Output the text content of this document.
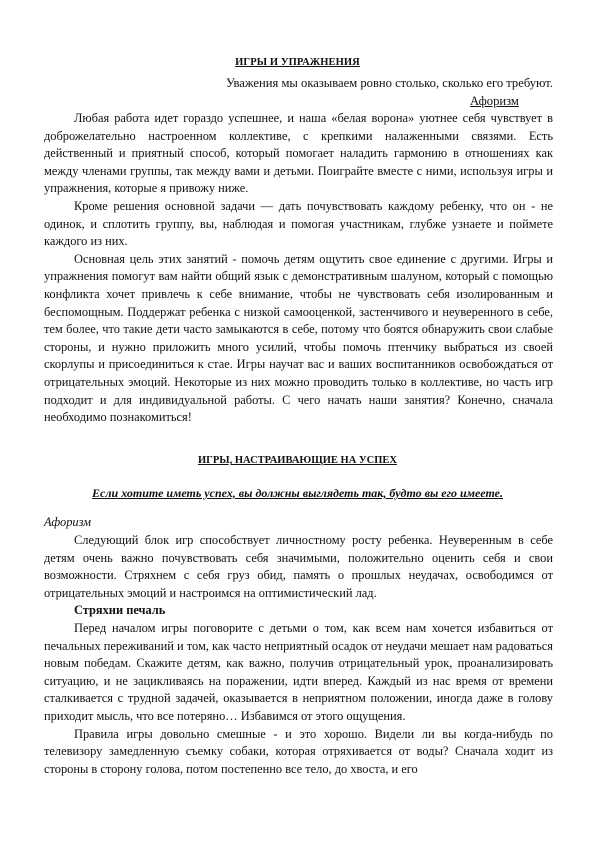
ИГРЫ И УПРАЖНЕНИЯ
Уважения мы оказываем ровно столько, сколько его требуют.
Афоризм

Любая работа идет гораздо успешнее, и наша «белая ворона» уютнее себя чувствует в доброжелательно настроенном коллективе, с крепкими налаженными связями. Есть действенный и приятный способ, который помогает наладить гармонию в отношениях как между членами группы, так между вами и детьми. Поиграйте вместе с ними, используя игры и упражнения, которые я привожу ниже.

Кроме решения основной задачи — дать почувствовать каждому ребенку, что он - не одинок, и сплотить группу, вы, наблюдая и помогая участникам, глубже узнаете и поймете каждого из них.

Основная цель этих занятий - помочь детям ощутить свое единение с другими. Игры и упражнения помогут вам найти общий язык с демонстративным шалуном, который с помощью конфликта хочет привлечь к себе внимание, чтобы не чувствовать себя изолированным и беспомощным. Поддержат ребенка с низкой самооценкой, застенчивого и неуверенного в себе, тем более, что такие дети часто замыкаются в себе, потому что боятся обнаружить свои слабые стороны, и нужно приложить много усилий, чтобы помочь птенчику выбраться из своей скорлупы и присоединиться к стае. Игры научат вас и ваших воспитанников освобождаться от отрицательных эмоций. Некоторые из них можно проводить только в коллективе, но часть игр подходит и для индивидуальной работы. С чего начать наши занятия? Конечно, сначала необходимо познакомиться!

ИГРЫ, НАСТРАИВАЮЩИЕ НА УСПЕХ
Если хотите иметь успех, вы должны выглядеть так, будто вы его имеете.
Афоризм

Следующий блок игр способствует личностному росту ребенка. Неуверенным в себе детям очень важно почувствовать себя значимыми, положительно оценить себя и свои возможности. Стряхнем с себя груз обид, память о прошлых неудачах, освободимся от отрицательных эмоций и настроимся на оптимистический лад.

Стряхни печаль

Перед началом игры поговорите с детьми о том, как всем нам хочется избавиться от печальных переживаний и том, как часто неприятный осадок от неудачи мешает нам радоваться новым победам. Скажите детям, как важно, получив отрицательный урок, проанализировать ситуацию, и не зацикливаясь на поражении, идти вперед. Каждый из нас время от времени сталкивается с трудной задачей, оказывается в неприятном положении, иногда даже в голову приходит мысль, что все потеряно… Избавимся от этого ощущения.

Правила игры довольно смешные - и это хорошо. Видели ли вы когда-нибудь по телевизору замедленную съемку собаки, которая отряхивается от воды? Сначала ходит из стороны в сторону голова, потом постепенно все тело, до хвоста, и его
